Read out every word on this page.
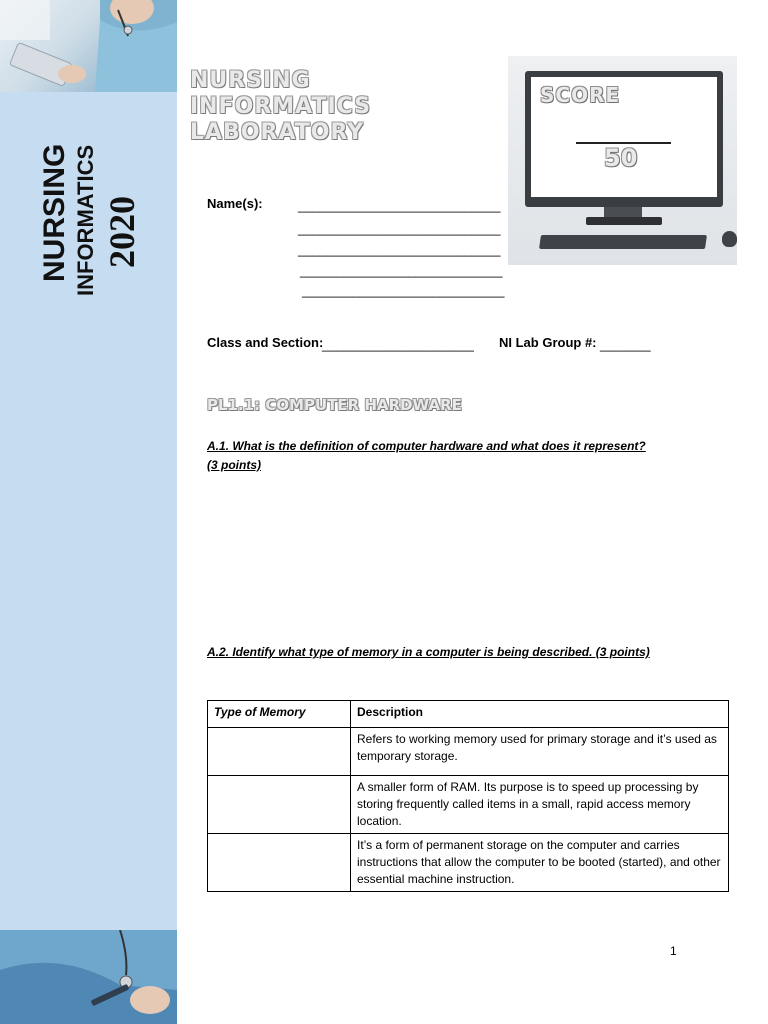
NURSING INFORMATICS 2020
NURSING
INFORMATICS
LABORATORY
SCORE
50
Name(s):	____________________________
____________________________
____________________________
____________________________
____________________________
Class and Section:
_____________________ NI Lab Group #: _______
PL1.1: COMPUTER HARDWARE
A.1. What is the definition of computer hardware and what does it represent?
(3 points)
A.2. Identify what type of memory in a computer is being described. (3 points)
Type of Memory	Description
	Refers to working memory used for primary storage and it’s used as temporary storage.
	A smaller form of RAM. Its purpose is to speed up processing by storing frequently called items in a small, rapid access memory location.
	It’s a form of permanent storage on the computer and carries instructions that allow the computer to be booted (started), and other essential machine instruction.
1
